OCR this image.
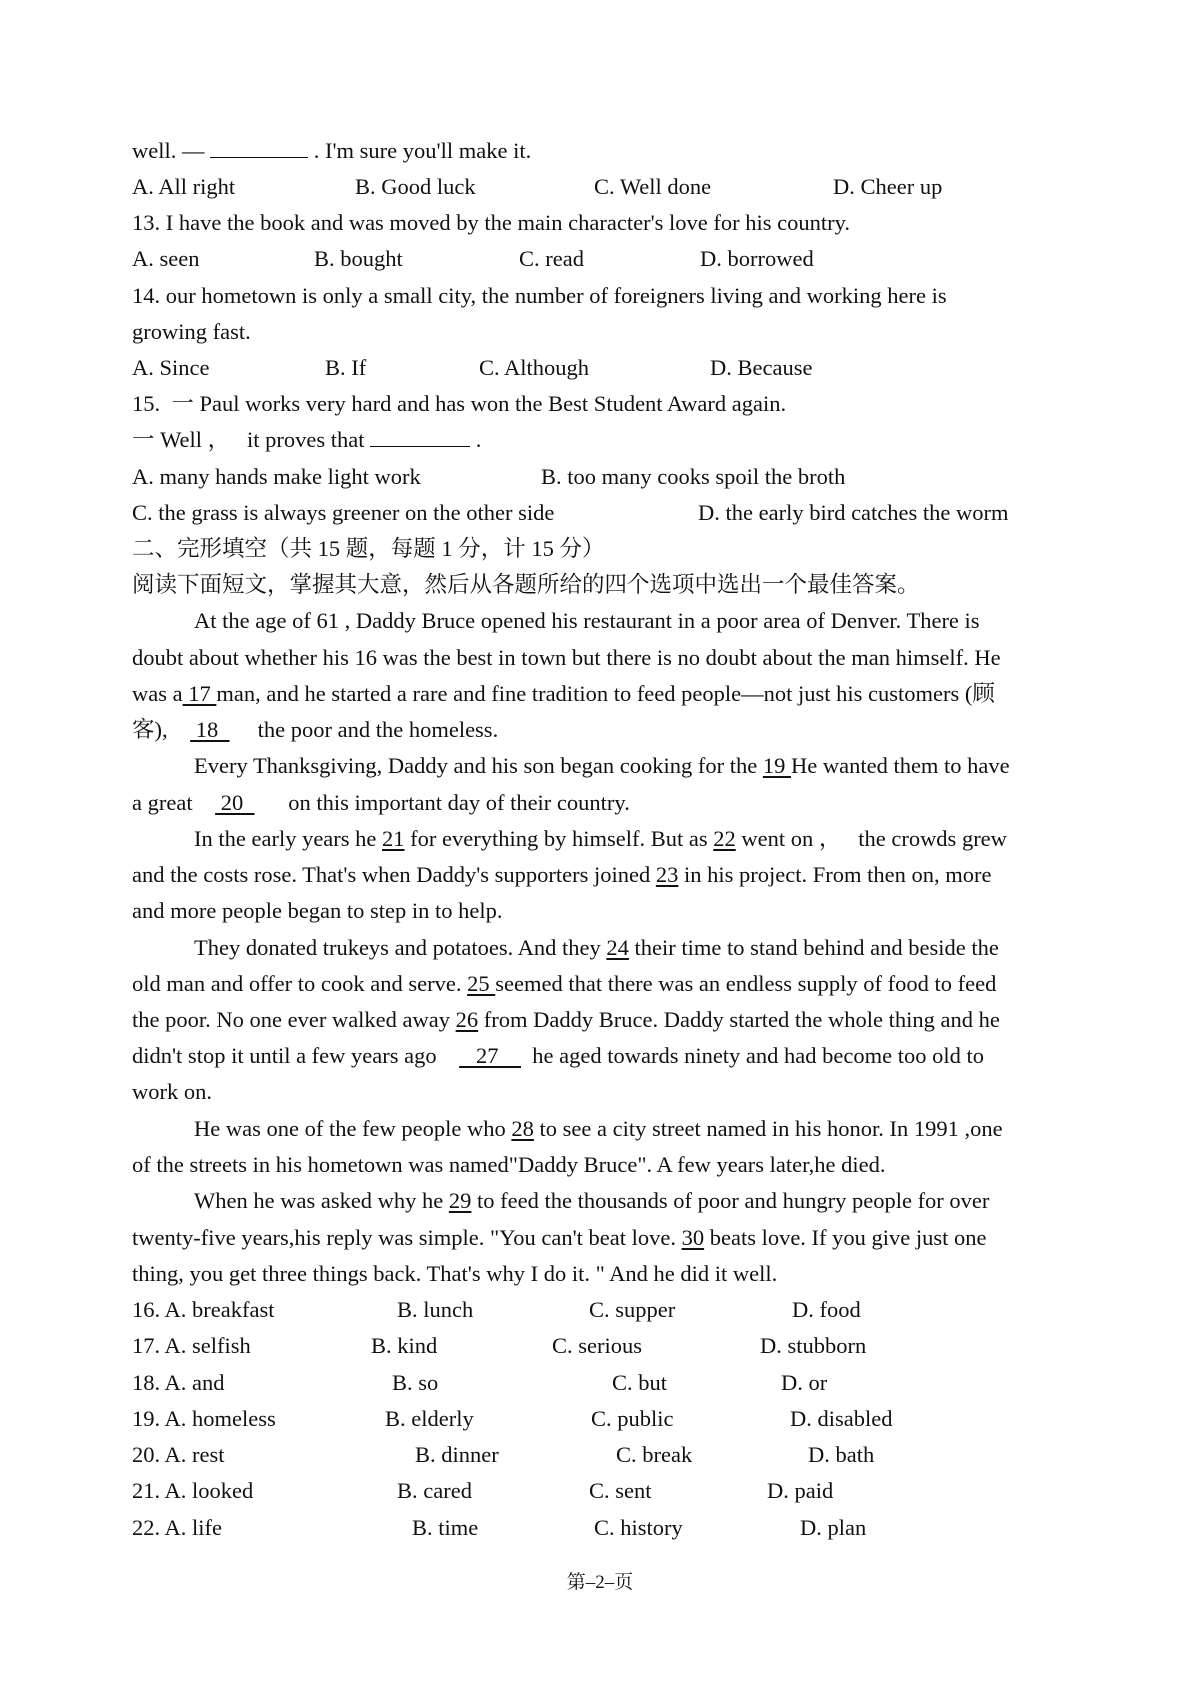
well. —	. I'm sure you'll make it.
A. All right	B. Good luck	C. Well done	D. Cheer up
13. I have the book and was moved by the main character's love for his country.
A. seen	B. bought	C. read	D. borrowed
14. our hometown is only a small city, the number of foreigners living and working here is
growing fast.
A. Since	B. If	C. Although	D. Because
15.  一 Paul works very hard and has won the Best Student Award again.
一 Well ，   it proves that	.
A. many hands make light work	B. too many cooks spoil the broth
C. the grass is always greener on the other side	D. the early bird catches the worm
二、完形填空（共 15 题，每题 1 分，计 15 分）
阅读下面短文，掌握其大意，然后从各题所给的四个选项中选出一个最佳答案。
At the age of 61 , Daddy Bruce opened his restaurant in a poor area of Denver. There is
doubt about whether his 16 was the best in town but there is no doubt about the man himself. He
was a 17 man, and he started a rare and fine tradition to feed people—not just his customers (顾
客),     18       the poor and the homeless.
Every Thanksgiving, Daddy and his son began cooking for the 19 He wanted them to have
a great     20        on this important day of their country.
In the early years he 21 for everything by himself. But as 22 went on ，   the crowds grew
and the costs rose. That's when Daddy's supporters joined 23 in his project. From then on, more
and more people began to step in to help.
They donated trukeys and potatoes. And they 24 their time to stand behind and beside the
old man and offer to cook and serve. 25 seemed that there was an endless supply of food to feed
the poor. No one ever walked away 26 from Daddy Bruce. Daddy started the whole thing and he
didn't stop it until a few years ago       27      he aged towards ninety and had become too old to
work on.
He was one of the few people who 28 to see a city street named in his honor. In 1991 ,one
of the streets in his hometown was named"Daddy Bruce". A few years later,he died.
When he was asked why he 29 to feed the thousands of poor and hungry people for over
twenty-five years,his reply was simple. "You can't beat love. 30 beats love. If you give just one
thing, you get three things back. That's why I do it. " And he did it well.
16. A. breakfast	B. lunch	C. supper	D. food
17. A. selfish	B. kind	C. serious	D. stubborn
18. A. and	B. so	C. but	D. or
19. A. homeless	B. elderly	C. public	D. disabled
20. A. rest	B. dinner	C. break	D. bath
21. A. looked	B. cared	C. sent	D. paid
22. A. life	B. time	C. history	D. plan
第–2–页
